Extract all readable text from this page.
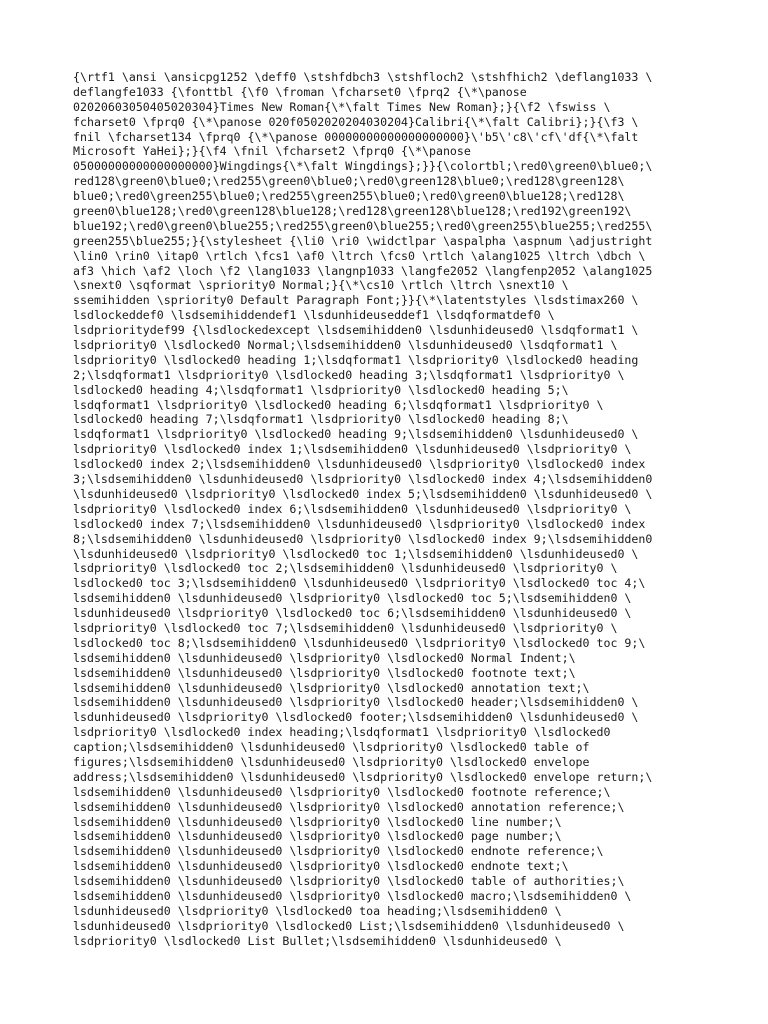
{\rtf1 \ansi \ansicpg1252 \deff0 \stshfdbch3 \stshfloch2 \stshfhich2 \deflang1033 \
deflangfe1033 {\fonttbl {\f0 \froman \fcharset0 \fprq2 {\*\panose
02020603050405020304}Times New Roman{\*\falt Times New Roman};}{\f2 \fswiss \
fcharset0 \fprq0 {\*\panose 020f0502020204030204}Calibri{\*\falt Calibri};}{\f3 \
fnil \fcharset134 \fprq0 {\*\panose 00000000000000000000}\'b5\'c8\'cf\'df{\*\falt
Microsoft YaHei};}{\f4 \fnil \fcharset2 \fprq0 {\*\panose
05000000000000000000}Wingdings{\*\falt Wingdings};}}{\colortbl;\red0\green0\blue0;\
red128\green0\blue0;\red255\green0\blue0;\red0\green128\blue0;\red128\green128\
blue0;\red0\green255\blue0;\red255\green255\blue0;\red0\green0\blue128;\red128\
green0\blue128;\red0\green128\blue128;\red128\green128\blue128;\red192\green192\
blue192;\red0\green0\blue255;\red255\green0\blue255;\red0\green255\blue255;\red255\
green255\blue255;}{\stylesheet {\li0 \ri0 \widctlpar \aspalpha \aspnum \adjustright
\lin0 \rin0 \itap0 \rtlch \fcs1 \af0 \ltrch \fcs0 \rtlch \alang1025 \ltrch \dbch \
af3 \hich \af2 \loch \f2 \lang1033 \langnp1033 \langfe2052 \langfenp2052 \alang1025
\snext0 \sqformat \spriority0 Normal;}{\*\cs10 \rtlch \ltrch \snext10 \
ssemihidden \spriority0 Default Paragraph Font;}}{\*\latentstyles \lsdstimax260 \
lsdlockeddef0 \lsdsemihiddendef1 \lsdunhideuseddef1 \lsdqformatdef0 \
lsdprioritydef99 {\lsdlockedexcept \lsdsemihidden0 \lsdunhideused0 \lsdqformat1 \
lsdpriority0 \lsdlocked0 Normal;\lsdsemihidden0 \lsdunhideused0 \lsdqformat1 \
lsdpriority0 \lsdlocked0 heading 1;\lsdqformat1 \lsdpriority0 \lsdlocked0 heading
2;\lsdqformat1 \lsdpriority0 \lsdlocked0 heading 3;\lsdqformat1 \lsdpriority0 \
lsdlocked0 heading 4;\lsdqformat1 \lsdpriority0 \lsdlocked0 heading 5;\
lsdqformat1 \lsdpriority0 \lsdlocked0 heading 6;\lsdqformat1 \lsdpriority0 \
lsdlocked0 heading 7;\lsdqformat1 \lsdpriority0 \lsdlocked0 heading 8;\
lsdqformat1 \lsdpriority0 \lsdlocked0 heading 9;\lsdsemihidden0 \lsdunhideused0 \
lsdpriority0 \lsdlocked0 index 1;\lsdsemihidden0 \lsdunhideused0 \lsdpriority0 \
lsdlocked0 index 2;\lsdsemihidden0 \lsdunhideused0 \lsdpriority0 \lsdlocked0 index
3;\lsdsemihidden0 \lsdunhideused0 \lsdpriority0 \lsdlocked0 index 4;\lsdsemihidden0
\lsdunhideused0 \lsdpriority0 \lsdlocked0 index 5;\lsdsemihidden0 \lsdunhideused0 \
lsdpriority0 \lsdlocked0 index 6;\lsdsemihidden0 \lsdunhideused0 \lsdpriority0 \
lsdlocked0 index 7;\lsdsemihidden0 \lsdunhideused0 \lsdpriority0 \lsdlocked0 index
8;\lsdsemihidden0 \lsdunhideused0 \lsdpriority0 \lsdlocked0 index 9;\lsdsemihidden0
\lsdunhideused0 \lsdpriority0 \lsdlocked0 toc 1;\lsdsemihidden0 \lsdunhideused0 \
lsdpriority0 \lsdlocked0 toc 2;\lsdsemihidden0 \lsdunhideused0 \lsdpriority0 \
lsdlocked0 toc 3;\lsdsemihidden0 \lsdunhideused0 \lsdpriority0 \lsdlocked0 toc 4;\
lsdsemihidden0 \lsdunhideused0 \lsdpriority0 \lsdlocked0 toc 5;\lsdsemihidden0 \
lsdunhideused0 \lsdpriority0 \lsdlocked0 toc 6;\lsdsemihidden0 \lsdunhideused0 \
lsdpriority0 \lsdlocked0 toc 7;\lsdsemihidden0 \lsdunhideused0 \lsdpriority0 \
lsdlocked0 toc 8;\lsdsemihidden0 \lsdunhideused0 \lsdpriority0 \lsdlocked0 toc 9;\
lsdsemihidden0 \lsdunhideused0 \lsdpriority0 \lsdlocked0 Normal Indent;\
lsdsemihidden0 \lsdunhideused0 \lsdpriority0 \lsdlocked0 footnote text;\
lsdsemihidden0 \lsdunhideused0 \lsdpriority0 \lsdlocked0 annotation text;\
lsdsemihidden0 \lsdunhideused0 \lsdpriority0 \lsdlocked0 header;\lsdsemihidden0 \
lsdunhideused0 \lsdpriority0 \lsdlocked0 footer;\lsdsemihidden0 \lsdunhideused0 \
lsdpriority0 \lsdlocked0 index heading;\lsdqformat1 \lsdpriority0 \lsdlocked0
caption;\lsdsemihidden0 \lsdunhideused0 \lsdpriority0 \lsdlocked0 table of
figures;\lsdsemihidden0 \lsdunhideused0 \lsdpriority0 \lsdlocked0 envelope
address;\lsdsemihidden0 \lsdunhideused0 \lsdpriority0 \lsdlocked0 envelope return;\
lsdsemihidden0 \lsdunhideused0 \lsdpriority0 \lsdlocked0 footnote reference;\
lsdsemihidden0 \lsdunhideused0 \lsdpriority0 \lsdlocked0 annotation reference;\
lsdsemihidden0 \lsdunhideused0 \lsdpriority0 \lsdlocked0 line number;\
lsdsemihidden0 \lsdunhideused0 \lsdpriority0 \lsdlocked0 page number;\
lsdsemihidden0 \lsdunhideused0 \lsdpriority0 \lsdlocked0 endnote reference;\
lsdsemihidden0 \lsdunhideused0 \lsdpriority0 \lsdlocked0 endnote text;\
lsdsemihidden0 \lsdunhideused0 \lsdpriority0 \lsdlocked0 table of authorities;\
lsdsemihidden0 \lsdunhideused0 \lsdpriority0 \lsdlocked0 macro;\lsdsemihidden0 \
lsdunhideused0 \lsdpriority0 \lsdlocked0 toa heading;\lsdsemihidden0 \
lsdunhideused0 \lsdpriority0 \lsdlocked0 List;\lsdsemihidden0 \lsdunhideused0 \
lsdpriority0 \lsdlocked0 List Bullet;\lsdsemihidden0 \lsdunhideused0 \
